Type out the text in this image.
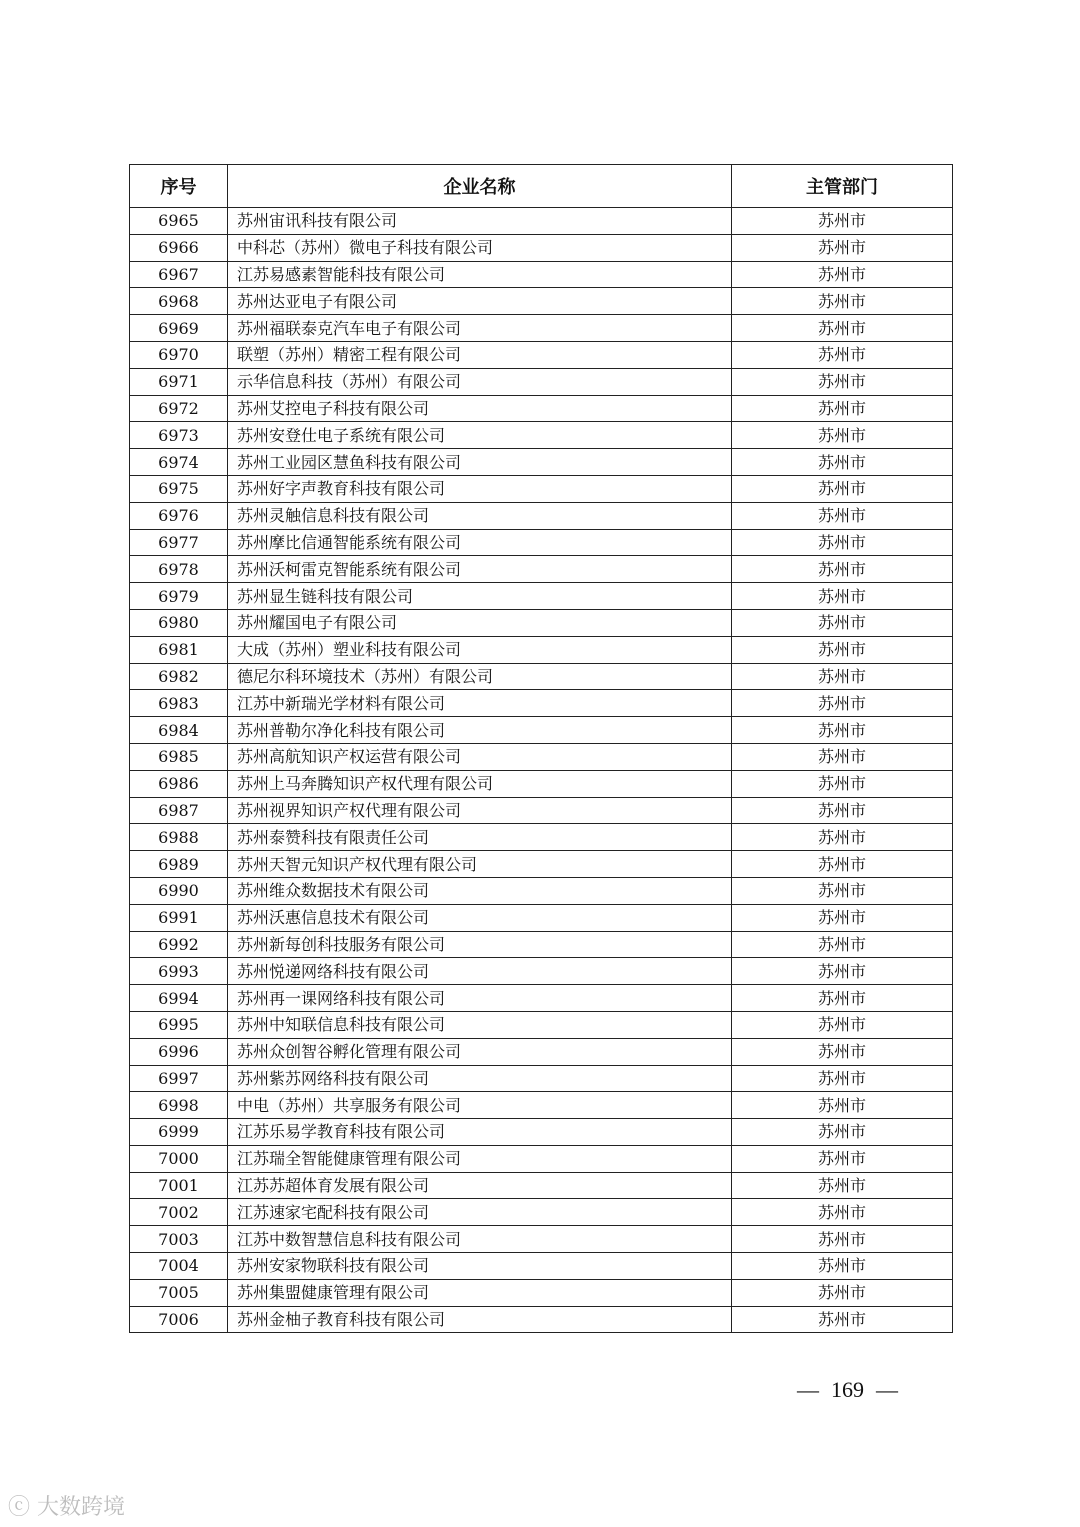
序号	企业名称	主管部门
6965	苏州宙讯科技有限公司	苏州市
6966	中科芯（苏州）微电子科技有限公司	苏州市
6967	江苏易感素智能科技有限公司	苏州市
6968	苏州达亚电子有限公司	苏州市
6969	苏州福联泰克汽车电子有限公司	苏州市
6970	联塑（苏州）精密工程有限公司	苏州市
6971	示华信息科技（苏州）有限公司	苏州市
6972	苏州艾控电子科技有限公司	苏州市
6973	苏州安登仕电子系统有限公司	苏州市
6974	苏州工业园区慧鱼科技有限公司	苏州市
6975	苏州好字声教育科技有限公司	苏州市
6976	苏州灵触信息科技有限公司	苏州市
6977	苏州摩比信通智能系统有限公司	苏州市
6978	苏州沃柯雷克智能系统有限公司	苏州市
6979	苏州显生链科技有限公司	苏州市
6980	苏州耀国电子有限公司	苏州市
6981	大成（苏州）塑业科技有限公司	苏州市
6982	德尼尔科环境技术（苏州）有限公司	苏州市
6983	江苏中新瑞光学材料有限公司	苏州市
6984	苏州普勒尔净化科技有限公司	苏州市
6985	苏州高航知识产权运营有限公司	苏州市
6986	苏州上马奔腾知识产权代理有限公司	苏州市
6987	苏州视界知识产权代理有限公司	苏州市
6988	苏州泰赞科技有限责任公司	苏州市
6989	苏州天智元知识产权代理有限公司	苏州市
6990	苏州维众数据技术有限公司	苏州市
6991	苏州沃惠信息技术有限公司	苏州市
6992	苏州新每创科技服务有限公司	苏州市
6993	苏州悦递网络科技有限公司	苏州市
6994	苏州再一课网络科技有限公司	苏州市
6995	苏州中知联信息科技有限公司	苏州市
6996	苏州众创智谷孵化管理有限公司	苏州市
6997	苏州紫苏网络科技有限公司	苏州市
6998	中电（苏州）共享服务有限公司	苏州市
6999	江苏乐易学教育科技有限公司	苏州市
7000	江苏瑞全智能健康管理有限公司	苏州市
7001	江苏苏超体育发展有限公司	苏州市
7002	江苏速家宅配科技有限公司	苏州市
7003	江苏中数智慧信息科技有限公司	苏州市
7004	苏州安家物联科技有限公司	苏州市
7005	苏州集盟健康管理有限公司	苏州市
7006	苏州金柚子教育科技有限公司	苏州市
— 169 —
ⓒ 大数跨境
